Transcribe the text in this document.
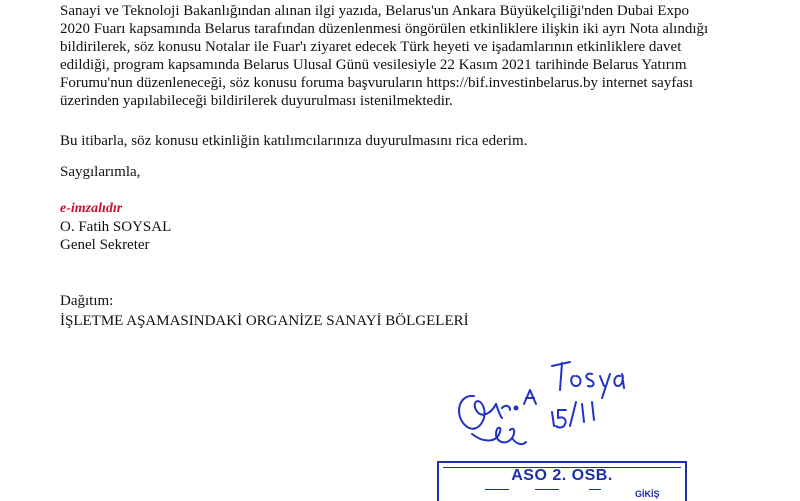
Sanayi ve Teknoloji Bakanlığından alınan ilgi yazıda, Belarus'un Ankara Büyükelçiliği'nden Dubai Expo
2020 Fuarı kapsamında Belarus tarafından düzenlenmesi öngörülen etkinliklere ilişkin iki ayrı Nota alındığı
bildirilerek, söz konusu Notalar ile Fuar'ı ziyaret edecek Türk heyeti ve işadamlarının etkinliklere davet
edildiği, program kapsamında Belarus Ulusal Günü vesilesiyle 22 Kasım 2021 tarihinde Belarus Yatırım
Forumu'nun düzenleneceği, söz konusu foruma başvuruların https://bif.investinbelarus.by internet sayfası
üzerinden yapılabileceği bildirilerek duyurulması istenilmektedir.
Bu itibarla, söz konusu etkinliğin katılımcılarınıza duyurulmasını rica ederim.
Saygılarımla,
e-imzalıdır
O. Fatih SOYSAL
Genel Sekreter
Dağıtım:
İŞLETME AŞAMASINDAKİ ORGANİZE SANAYİ BÖLGELERİ
ASO 2. OSB.
GİKİŞ
